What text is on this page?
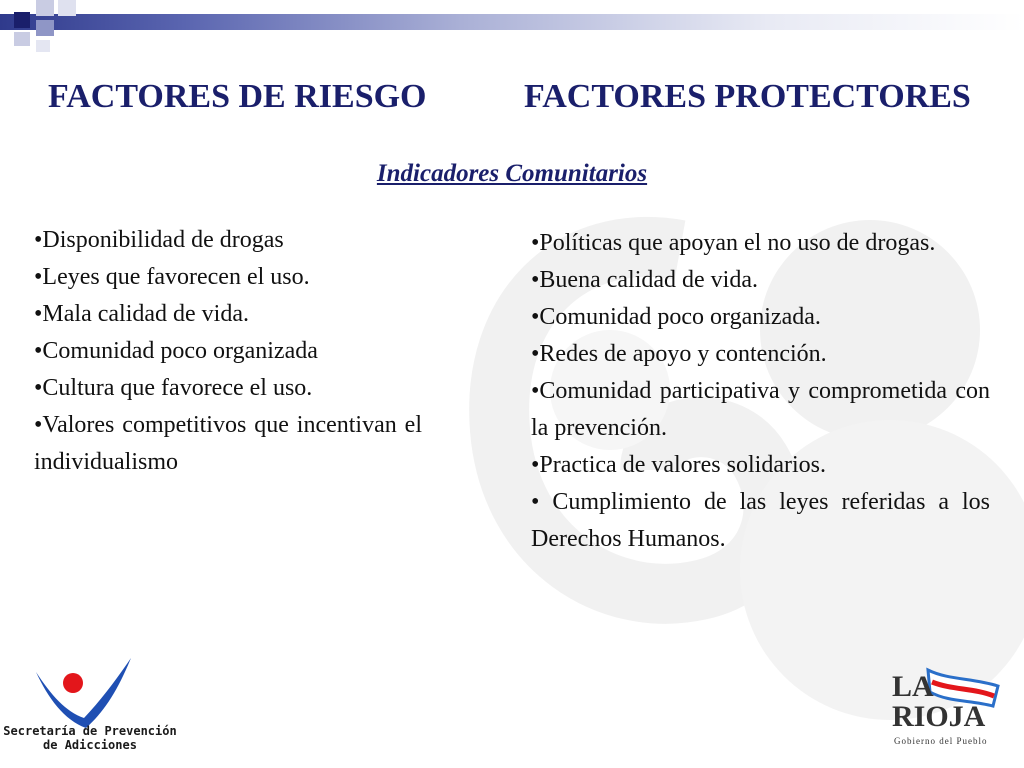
FACTORES DE RIESGO	FACTORES PROTECTORES
Indicadores Comunitarios
•Disponibilidad de drogas
•Leyes que favorecen el uso.
•Mala calidad de vida.
•Comunidad poco organizada
•Cultura que favorece el uso.
•Valores competitivos que incentivan el individualismo
•Políticas que apoyan el no uso de drogas.
•Buena calidad de vida.
•Comunidad poco organizada.
•Redes de apoyo y contención.
•Comunidad participativa y comprometida con la prevención.
•Practica de valores solidarios.
• Cumplimiento de las leyes referidas a los Derechos Humanos.
Secretaría de Prevención
de Adicciones
LA
RIOJA
Gobierno del Pueblo
